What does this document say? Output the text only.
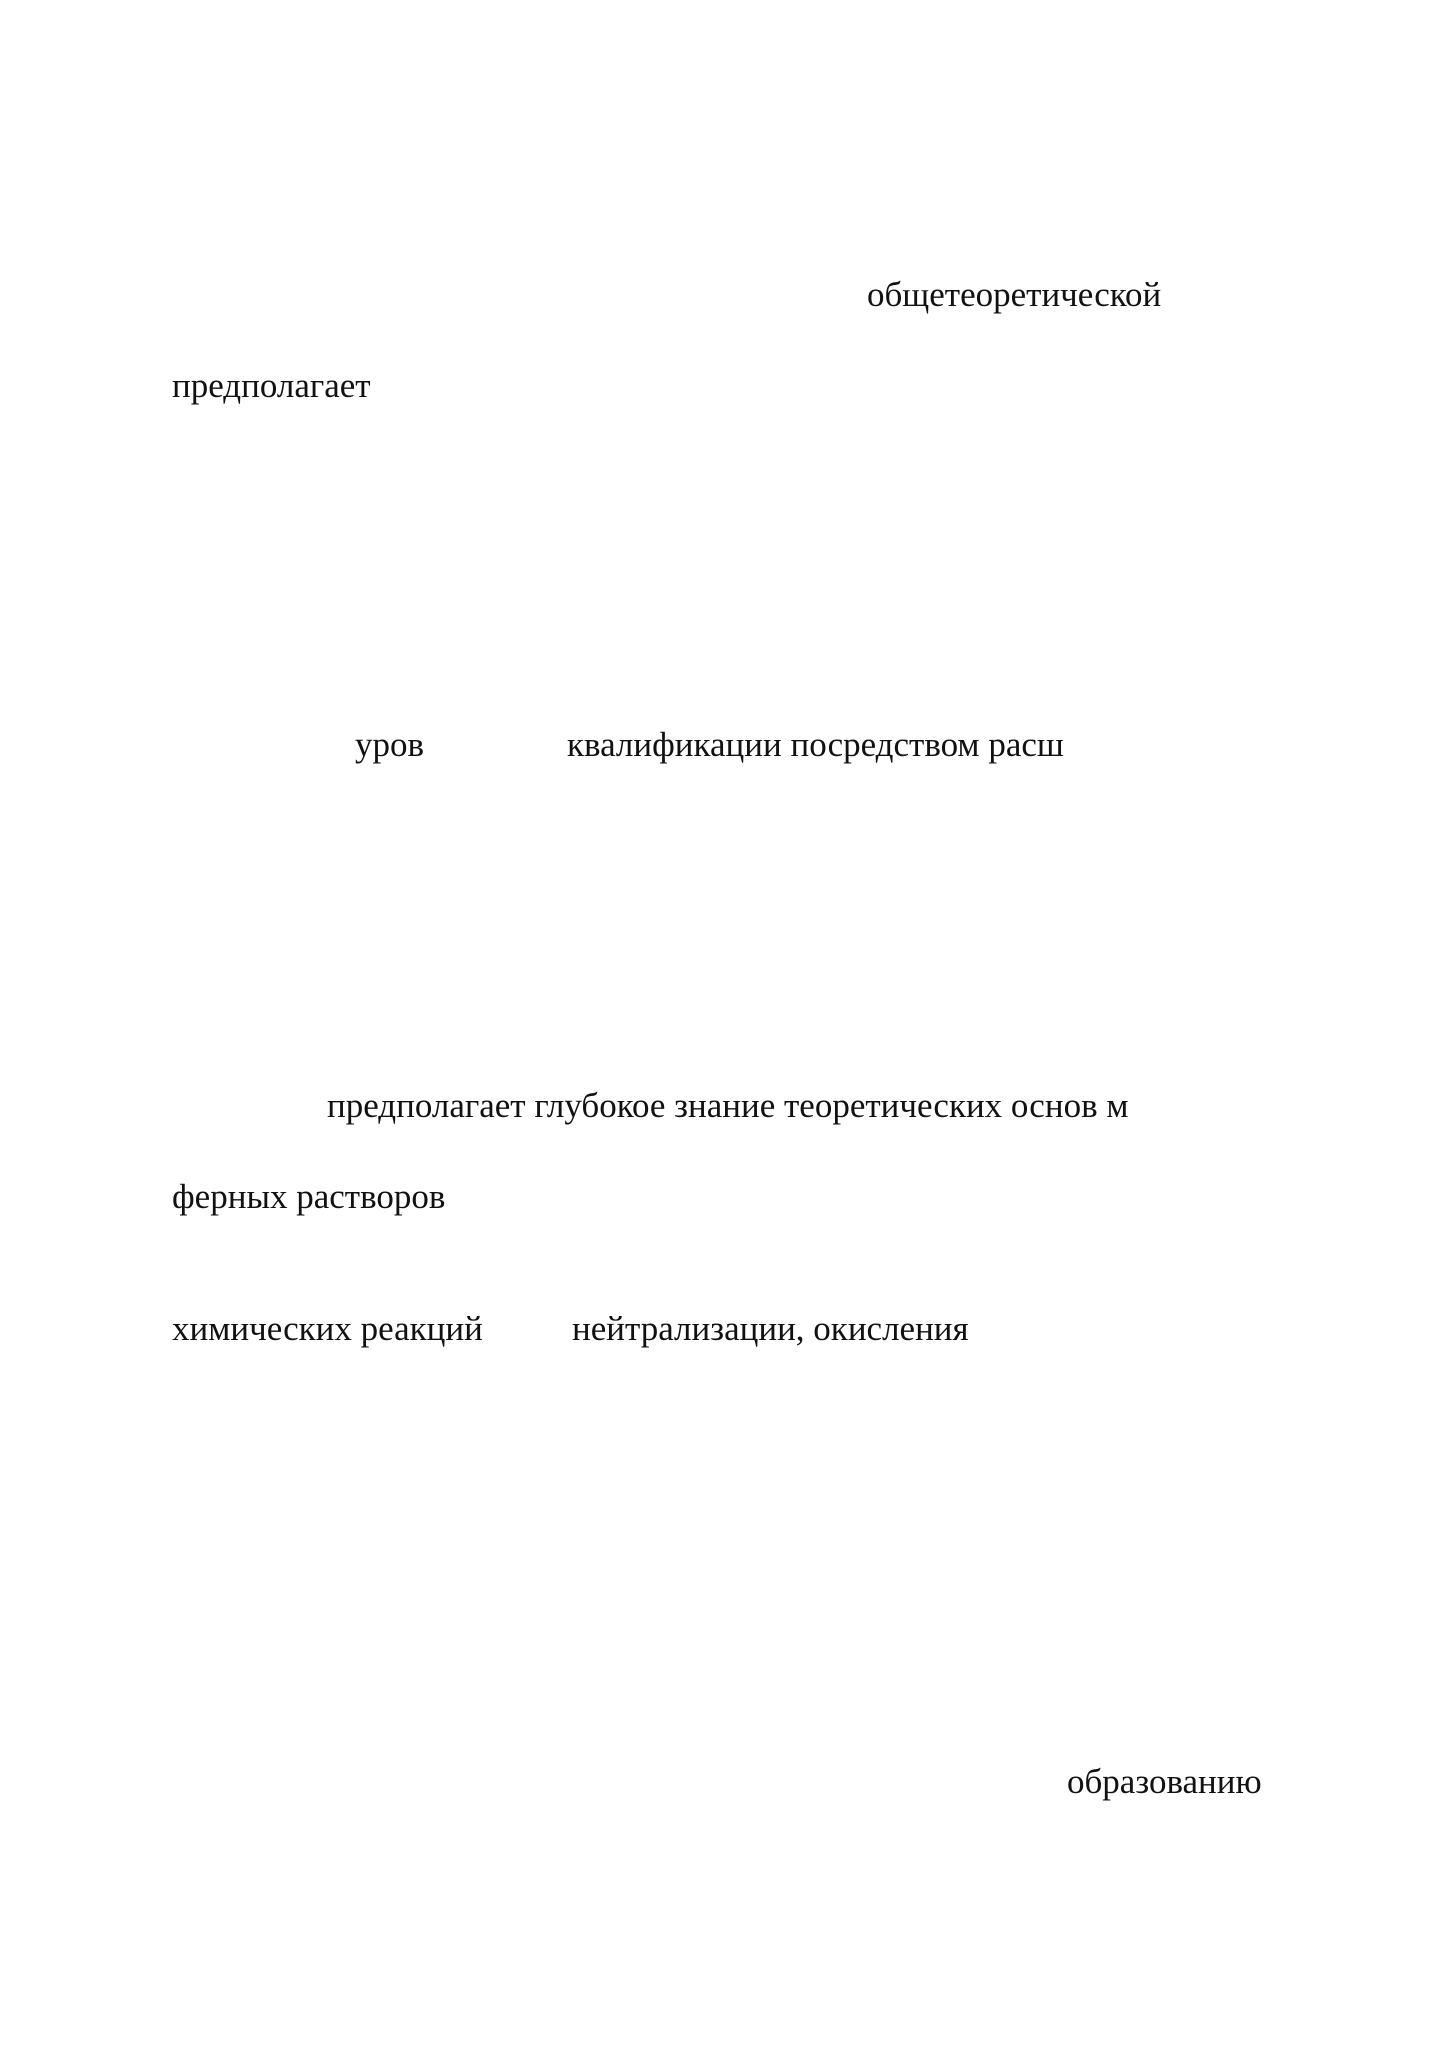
общетеоретической

предполагает

уров	квалификации посредством расш

предполагает глубокое знание теоретических основ м

ферных растворов

химических реакций	нейтрализации, окисления

образованию
